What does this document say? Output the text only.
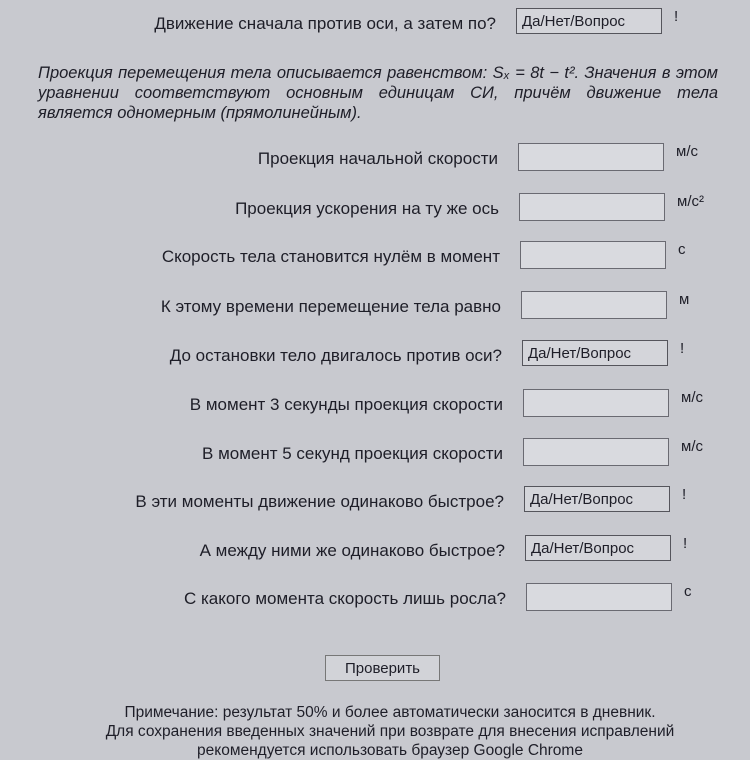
Движение сначала против оси, а затем по?	Да/Нет/Вопрос	!
Проекция начальной скорости	м/с
Проекция ускорения на ту же ось	м/с²
Скорость тела становится нулём в момент	с
К этому времени перемещение тела равно	м
До остановки тело двигалось против оси?	Да/Нет/Вопрос	!
В момент 3 секунды проекция скорости	м/с
В момент 5 секунд проекция скорости	м/с
В эти моменты движение одинаково быстрое?	Да/Нет/Вопрос	!
А между ними же одинаково быстрое?	Да/Нет/Вопрос	!
С какого момента скорость лишь росла?	с
Проекция перемещения тела описывается равенством: Sₓ = 8t − t². Значения в этом уравнении соответствуют основным единицам СИ, причём движение тела является одномерным (прямолинейным).
Проверить
Примечание: результат 50% и более автоматически заносится в дневник.
Для сохранения введенных значений при возврате для внесения исправлений
рекомендуется использовать браузер Google Chrome
